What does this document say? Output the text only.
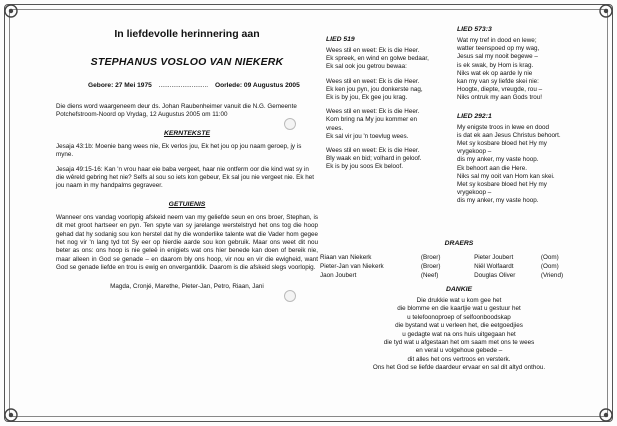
In liefdevolle herinnering aan

STEPHANUS VOSLOO VAN NIEKERK

Gebore: 27 Mei 1975 ........................... Oorlede: 09 Augustus 2005

Die diens word waargeneem deur ds. Johan Raubenheimer vanuit die N.G. Gemeente Potchefstroom-Noord op Vrydag, 12 Augustus 2005 om 11:00

KERNTEKSTE

Jesaja 43:1b: Moenie bang wees nie, Ek verlos jou, Ek het jou op jou naam geroep, jy is myne.

Jesaja 49:15-16: Kan 'n vrou haar eie baba vergeet, haar nie ontferm oor die kind wat sy in die wêreld gebring het nie? Selfs al sou so iets kon gebeur, Ek sal jou nie vergeet nie. Ek het jou naam in my handpalms gegraveer.

GETUIENIS

Wanneer ons vandag voorlopig afskeid neem van my geliefde seun en ons broer, Stephan, is dit met groot hartseer en pyn. Ten spyte van sy jarelange werstelstryd het ons tog die hoop gehad dat hy sodanig sou kon herstel dat hy die wonderlike talente wat die Vader hom gegee het nog vir 'n lang tyd tot Sy eer op hierdie aarde sou kon gebruik. Maar ons weet dit nou beter as ons: ons hoop is nie geleë in enigiets wat ons hier benede kan doen of bereik nie, maar alleen in God se genade – en daarom bly ons hoop, vir nou en vir die ewigheid, want God se genade liefde en trou is ewig en onvergantklik. Daarom is die afskeid slegs voorlopig.

Magda, Cronjé, Marethe, Pieter-Jan, Petro, Riaan, Jani

LIED 519

Wees stil en weet: Ek is die Heer.
Ek spreek, en wind en golwe bedaar,
Ek sal ook jou getrou bewaa:
Wees stil en weet: Ek is die Heer.
Ek ken jou pyn, jou donkerste nag,
Ek is by jou, Ek gee jou krag.
Wees stil en weet: Ek is die Heer.
Kom bring na My jou kommer en
vrees.
Ek sal vir jou 'n toevlug wees.
Wees stil en weet: Ek is die Heer.
Bly waak en bid; volhard in geloof.
Ek is by jou soos Ek beloof.

LIED 573:3

Wat my tref in dood en lewe;
watter teenspoed op my wag,
Jesus sal my nooit begewe –
is ek swak, by Hom is krag.
Niks wat ek op aarde ly nie
kan my van sy liefde skei nie:
Hoogte, diepte, vreugde, rou –
Niks ontruk my aan Gods trou!

LIED 292:1

My enigste troos in lewe en dood
is dat ek aan Jesus Christus behoort.
Met sy kosbare bloed het Hy my
vrygekoop –
dis my anker, my vaste hoop.
Ek behoort aan die Here.
Niks sal my ooit van Hom kan skei.
Met sy kosbare bloed het Hy my
vrygekoop –
dis my anker, my vaste hoop.

DRAERS

Riaan van Niekerk	(Broer)	Pieter Joubert	(Oom)
Pieter-Jan van Niekerk	(Broer)	Niël Wolfaardt	(Oom)
Jaon Joubert	(Neef)	Douglas Oliver	(Vriend)

DANKIE

Die drukkie wat u kom gee het
die blomme en die kaartjie wat u gestuur het
u telefoonoproep of selfoonboodskap
die bystand wat u verleen het, die eetgoedjies
u gedagte wat na ons huis uitgegaan het
die tyd wat u afgestaan het om saam met ons te wees
en veral u volgehoue gebede –
dit alles het ons vertroos en versterk.
Ons het God se liefde daardeur ervaar en sal dit altyd onthou.
